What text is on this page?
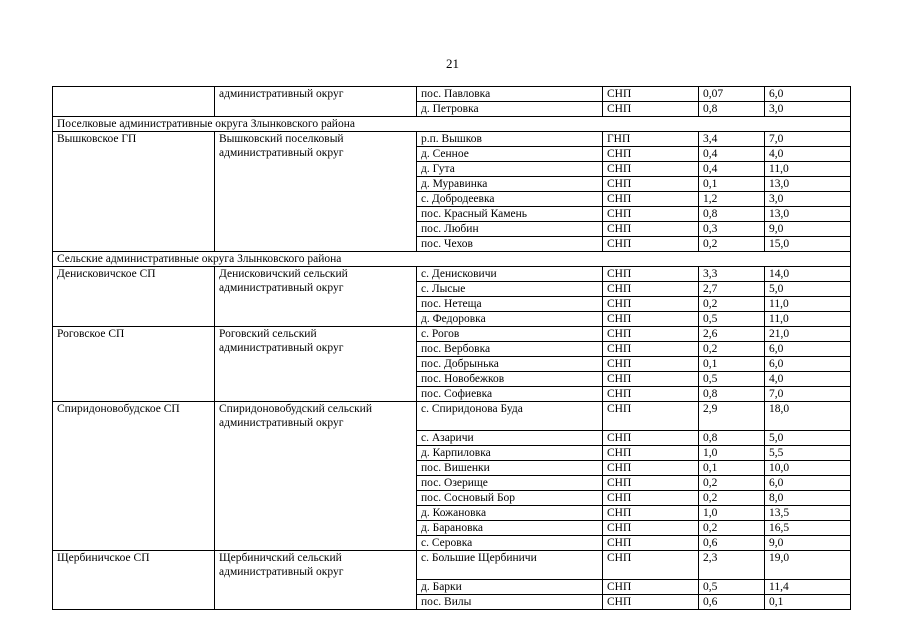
21
	административный округ	пос. Павловка	СНП	0,07	6,0
		д. Петровка	СНП	0,8	3,0
Поселковые административные округа Злынковского района					
Вышковское ГП	Вышковский поселковый административный округ	р.п. Вышков	ГНП	3,4	7,0
		д. Сенное	СНП	0,4	4,0
		д. Гута	СНП	0,4	11,0
		д. Муравинка	СНП	0,1	13,0
		с. Добродеевка	СНП	1,2	3,0
		пос. Красный Камень	СНП	0,8	13,0
		пос. Любин	СНП	0,3	9,0
		пос. Чехов	СНП	0,2	15,0
Сельские административные округа Злынковского района					
Денисковичское СП	Денисковичский сельский административный округ	с. Денисковичи	СНП	3,3	14,0
		с. Лысые	СНП	2,7	5,0
		пос. Нетеща	СНП	0,2	11,0
		д. Федоровка	СНП	0,5	11,0
Роговское СП	Роговский сельский административный округ	с. Рогов	СНП	2,6	21,0
		пос. Вербовка	СНП	0,2	6,0
		пос. Добрынька	СНП	0,1	6,0
		пос. Новобежков	СНП	0,5	4,0
		пос. Софиевка	СНП	0,8	7,0
Спиридоновобудское СП	Спиридоновобудский сельский административный округ	с. Спиридонова Буда	СНП	2,9	18,0
		с. Азаричи	СНП	0,8	5,0
		д. Карпиловка	СНП	1,0	5,5
		пос. Вишенки	СНП	0,1	10,0
		пос. Озерище	СНП	0,2	6,0
		пос. Сосновый Бор	СНП	0,2	8,0
		д. Кожановка	СНП	1,0	13,5
		д. Барановка	СНП	0,2	16,5
		с. Серовка	СНП	0,6	9,0
Щербиничское СП	Щербиничский сельский административный округ	с. Большие Щербиничи	СНП	2,3	19,0
		д. Барки	СНП	0,5	11,4
		пос. Вилы	СНП	0,6	0,1
